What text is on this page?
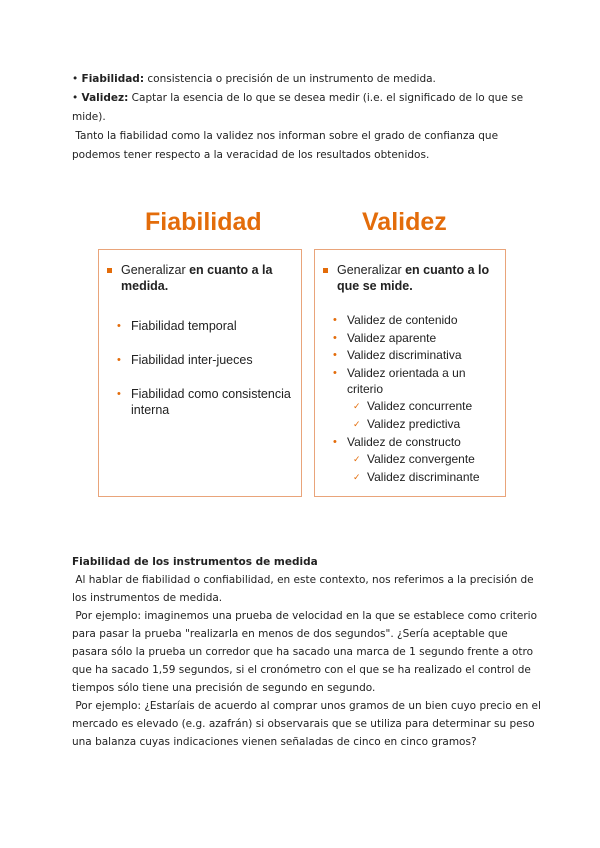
• Fiabilidad: consistencia o precisión de un instrumento de medida.

• Validez: Captar la esencia de lo que se desea medir (i.e. el significado de lo que se mide).

Tanto la fiabilidad como la validez nos informan sobre el grado de confianza que podemos tener respecto a la veracidad de los resultados obtenidos.

Fiabilidad	Validez
Generalizar en cuanto a la medida.
• Fiabilidad temporal
• Fiabilidad inter-jueces
• Fiabilidad como consistencia interna
Generalizar en cuanto a lo que se mide.
• Validez de contenido
• Validez aparente
• Validez discriminativa
• Validez orientada a un criterio
✓ Validez concurrente
✓ Validez predictiva
• Validez de constructo
✓ Validez convergente
✓ Validez discriminante

Fiabilidad de los instrumentos de medida

Al hablar de fiabilidad o confiabilidad, en este contexto, nos referimos a la precisión de los instrumentos de medida.

Por ejemplo: imaginemos una prueba de velocidad en la que se establece como criterio para pasar la prueba "realizarla en menos de dos segundos". ¿Sería aceptable que pasara sólo la prueba un corredor que ha sacado una marca de 1 segundo frente a otro que ha sacado 1,59 segundos, si el cronómetro con el que se ha realizado el control de tiempos sólo tiene una precisión de segundo en segundo.

Por ejemplo: ¿Estaríais de acuerdo al comprar unos gramos de un bien cuyo precio en el mercado es elevado (e.g. azafrán) si observarais que se utiliza para determinar su peso una balanza cuyas indicaciones vienen señaladas de cinco en cinco gramos?
